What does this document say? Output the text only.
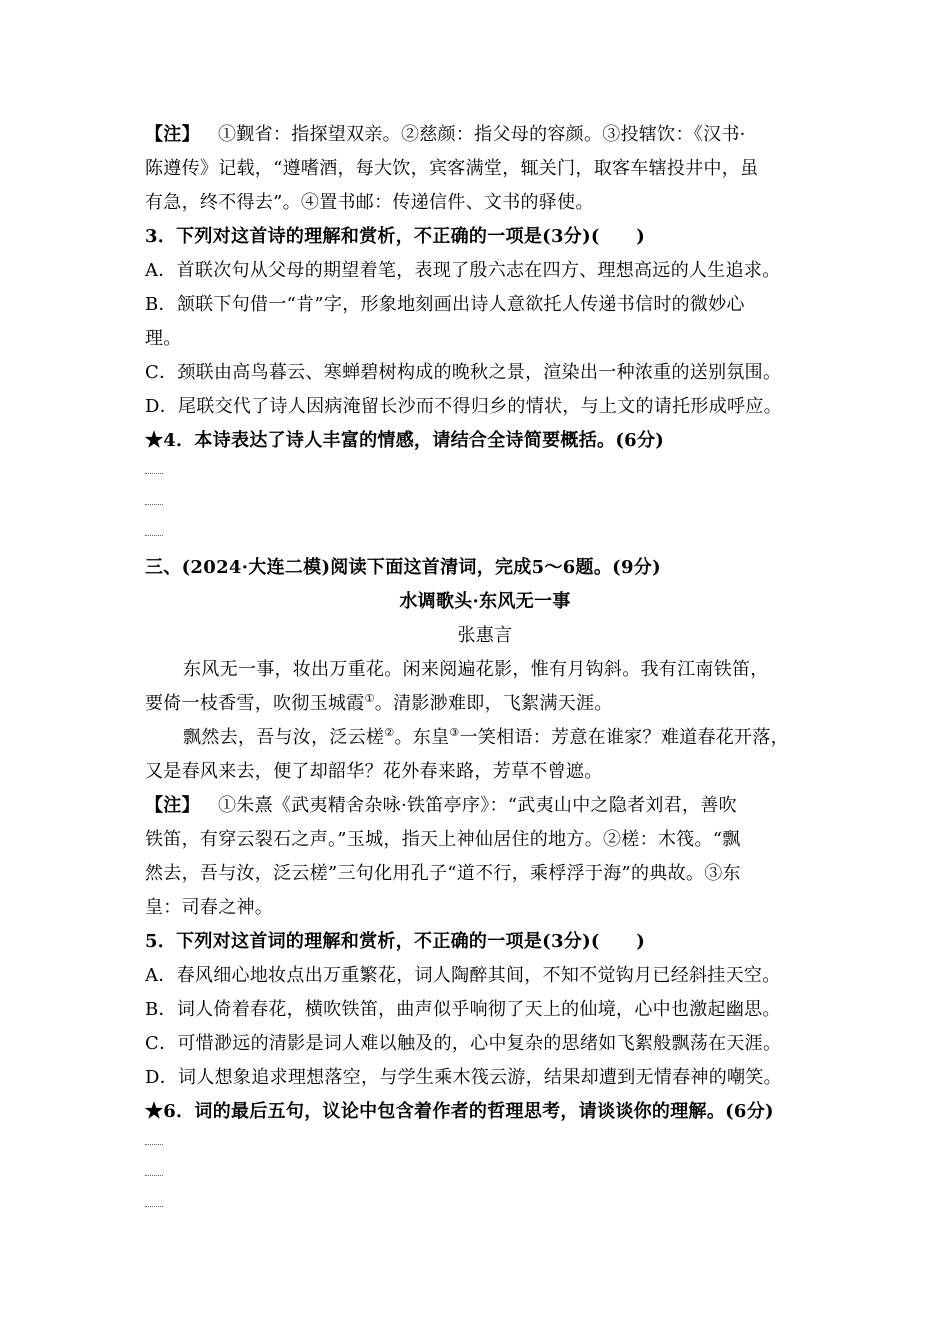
【注】 ①觐省：指探望双亲。②慈颜：指父母的容颜。③投辖饮：《汉书·
陈遵传》记载，“遵嗜酒，每大饮，宾客满堂，辄关门，取客车辖投井中，虽
有急，终不得去”。④置书邮：传递信件、文书的驿使。
3．下列对这首诗的理解和赏析，不正确的一项是(3分)(　　)
A．首联次句从父母的期望着笔，表现了殷六志在四方、理想高远的人生追求。
B．颔联下句借一“肯”字，形象地刻画出诗人意欲托人传递书信时的微妙心
理。
C．颈联由高鸟暮云、寒蝉碧树构成的晚秋之景，渲染出一种浓重的送别氛围。
D．尾联交代了诗人因病淹留长沙而不得归乡的情状，与上文的请托形成呼应。
★4．本诗表达了诗人丰富的情感，请结合全诗简要概括。(6分)
三、(2024·大连二模)阅读下面这首清词，完成5～6题。(9分)
水调歌头·东风无一事
张惠言
东风无一事，妆出万重花。闲来阅遍花影，惟有月钩斜。我有江南铁笛，
要倚一枝香雪，吹彻玉城霞①。清影渺难即，飞絮满天涯。
飘然去，吾与汝，泛云槎②。东皇③一笑相语：芳意在谁家？难道春花开落，
又是春风来去，便了却韶华？花外春来路，芳草不曾遮。
【注】 ①朱熹《武夷精舍杂咏·铁笛亭序》：“武夷山中之隐者刘君，善吹
铁笛，有穿云裂石之声。”玉城，指天上神仙居住的地方。②槎：木筏。“飘
然去，吾与汝，泛云槎”三句化用孔子“道不行，乘桴浮于海”的典故。③东
皇：司春之神。
5．下列对这首词的理解和赏析，不正确的一项是(3分)(　　)
A．春风细心地妆点出万重繁花，词人陶醉其间，不知不觉钩月已经斜挂天空。
B．词人倚着春花，横吹铁笛，曲声似乎响彻了天上的仙境，心中也激起幽思。
C．可惜渺远的清影是词人难以触及的，心中复杂的思绪如飞絮般飘荡在天涯。
D．词人想象追求理想落空，与学生乘木筏云游，结果却遭到无情春神的嘲笑。
★6．词的最后五句，议论中包含着作者的哲理思考，请谈谈你的理解。(6分)
